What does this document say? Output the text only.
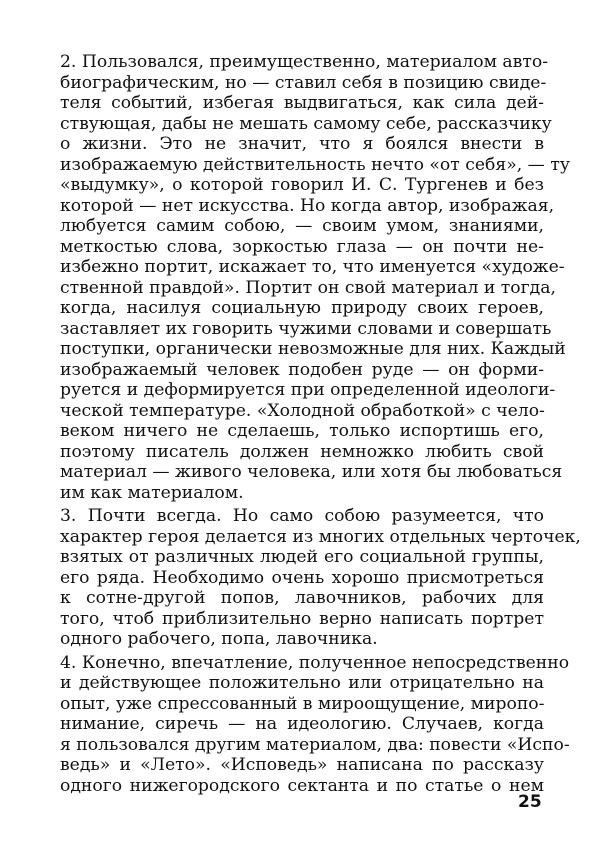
2. Пользовался, преимущественно, материалом авто-
биографическим, но — ставил себя в позицию свиде-
теля событий, избегая выдвигаться, как сила дей-
ствующая, дабы не мешать самому себе, рассказчику
о жизни. Это не значит, что я боялся внести в
изображаемую действительность нечто «от себя», — ту
«выдумку», о которой говорил И. С. Тургенев и без
которой — нет искусства. Но когда автор, изображая,
любуется самим собою, — своим умом, знаниями,
меткостью слова, зоркостью глаза — он почти не-
избежно портит, искажает то, что именуется «художе-
ственной правдой». Портит он свой материал и тогда,
когда, насилуя социальную природу своих героев,
заставляет их говорить чужими словами и совершать
поступки, органически невозможные для них. Каждый
изображаемый человек подобен руде — он форми-
руется и деформируется при определенной идеологи-
ческой температуре. «Холодной обработкой» с чело-
веком ничего не сделаешь, только испортишь его,
поэтому писатель должен немножко любить свой
материал — живого человека, или хотя бы любоваться
им как материалом.

3. Почти всегда. Но само собою разумеется, что
характер героя делается из многих отдельных черточек,
взятых от различных людей его социальной группы,
его ряда. Необходимо очень хорошо присмотреться
к сотне-другой попов, лавочников, рабочих для
того, чтоб приблизительно верно написать портрет
одного рабочего, попа, лавочника.

4. Конечно, впечатление, полученное непосредственно
и действующее положительно или отрицательно на
опыт, уже спрессованный в мироощущение, миропо-
нимание, сиречь — на идеологию. Случаев, когда
я пользовался другим материалом, два: повести «Испо-
ведь» и «Лето». «Исповедь» написана по рассказу
одного нижегородского сектанта и по статье о нем

25
